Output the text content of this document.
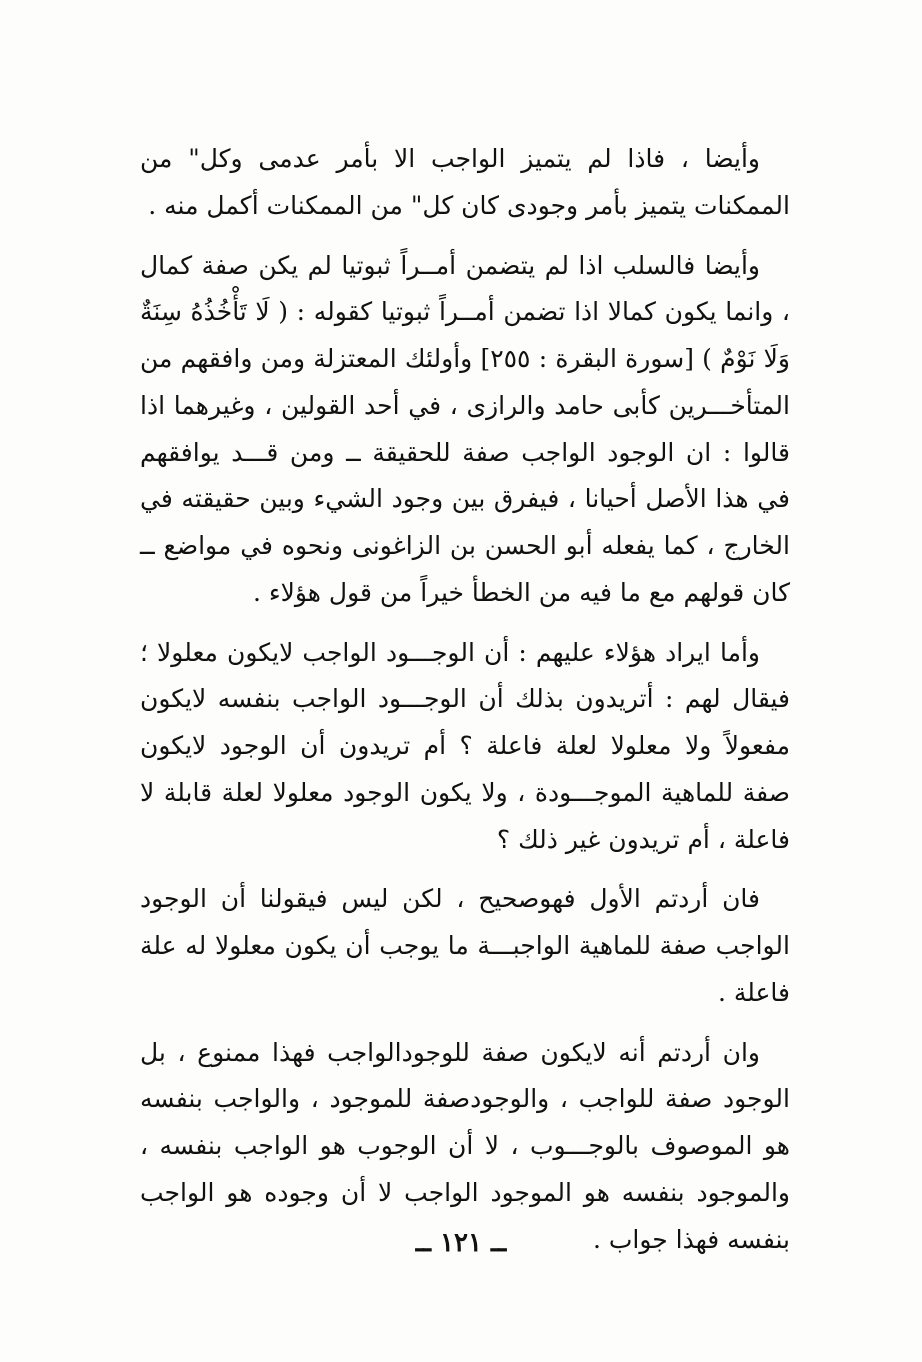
وأيضا ، فاذا لم يتميز الواجب الا بأمر عدمى وكل" من الممكنات يتميز بأمر وجودى كان كل" من الممكنات أكمل منه .

وأيضا فالسلب اذا لم يتضمن أمــراً ثبوتيا لم يكن صفة كمال ، وانما يكون كمالا اذا تضمن أمــراً ثبوتيا كقوله : ( لَا تَأْخُذُهُ سِنَةٌ وَلَا نَوْمٌ ) [سورة البقرة : ٢٥٥] وأولئك المعتزلة ومن وافقهم من المتأخـــرين كأبى حامد والرازى ، في أحد القولين ، وغيرهما اذا قالوا : ان الوجود الواجب صفة للحقيقة ــ ومن قـــد يوافقهم في هذا الأصل أحيانا ، فيفرق بين وجود الشيء وبين حقيقته في الخارج ، كما يفعله أبو الحسن بن الزاغونى ونحوه في مواضع ــ كان قولهم مع ما فيه من الخطأ خيراً من قول هؤلاء .

وأما ايراد هؤلاء عليهم : أن الوجـــود الواجب لايكون معلولا ؛ فيقال لهم : أتريدون بذلك أن الوجـــود الواجب بنفسه لايكون مفعولاً ولا معلولا لعلة فاعلة ؟ أم تريدون أن الوجود لايكون صفة للماهية الموجـــودة ، ولا يكون الوجود معلولا لعلة قابلة لا فاعلة ، أم تريدون غير ذلك ؟

فان أردتم الأول فهوصحيح ، لكن ليس فيقولنا أن الوجود الواجب صفة للماهية الواجبـــة ما يوجب أن يكون معلولا له علة فاعلة .

وان أردتم أنه لايكون صفة للوجودالواجب فهذا ممنوع ، بل الوجود صفة للواجب ، والوجودصفة للموجود ، والواجب بنفسه هو الموصوف بالوجـــوب ، لا أن الوجوب هو الواجب بنفسه ، والموجود بنفسه هو الموجود الواجب لا أن وجوده هو الواجب بنفسه فهذا جواب .

ــ ١٢١ ــ
